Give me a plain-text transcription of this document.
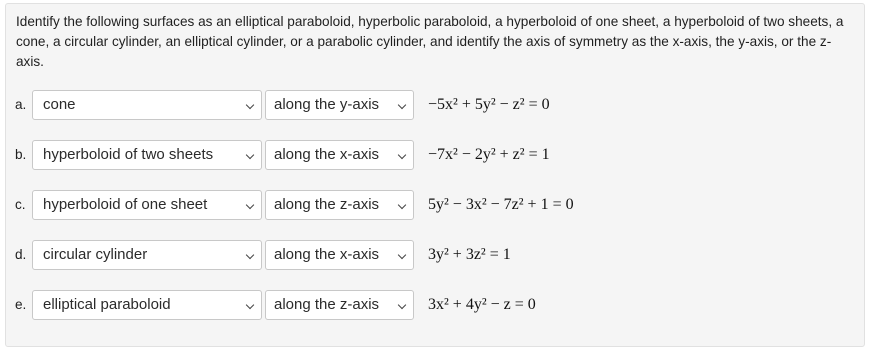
Identify the following surfaces as an elliptical paraboloid, hyperbolic paraboloid, a hyperboloid of one sheet, a hyperboloid of two sheets, a cone, a circular cylinder, an elliptical cylinder, or a parabolic cylinder, and identify the axis of symmetry as the x-axis, the y-axis, or the z-axis.
a.	cone	along the y-axis	−5x² + 5y² − z² = 0
b.	hyperboloid of two sheets	along the x-axis	−7x² − 2y² + z² = 1
c.	hyperboloid of one sheet	along the z-axis	5y² − 3x² − 7z² + 1 = 0
d.	circular cylinder	along the x-axis	3y² + 3z² = 1
e.	elliptical paraboloid	along the z-axis	3x² + 4y² − z = 0
